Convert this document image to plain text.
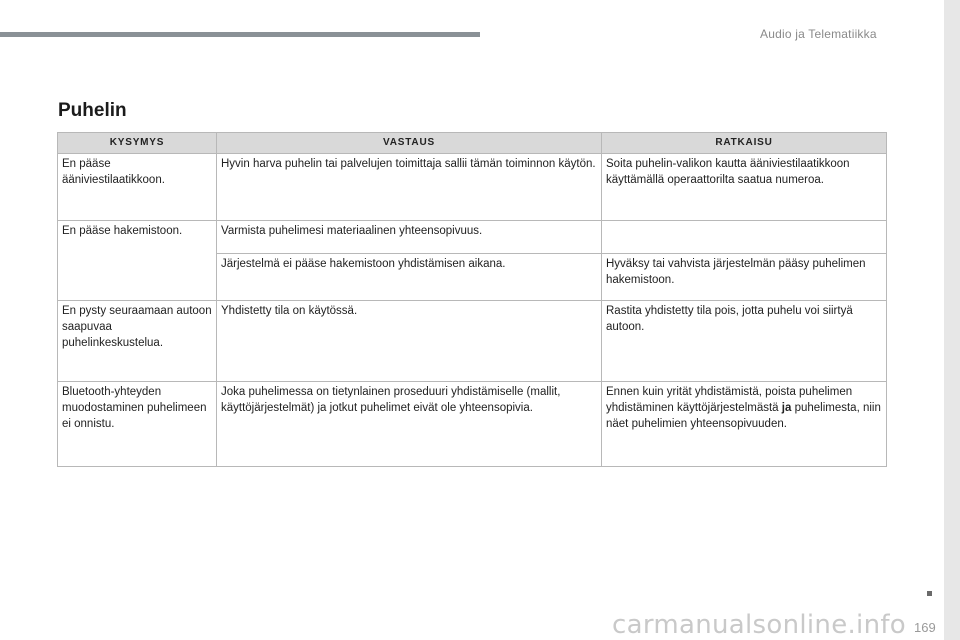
Audio ja Telematiikka
Puhelin
KYSYMYS	VASTAUS	RATKAISU
En pääse ääniviestilaatikkoon.	Hyvin harva puhelin tai palvelujen toimittaja sallii tämän toiminnon käytön.	Soita puhelin-valikon kautta ääniviestilaatikkoon käyttämällä operaattorilta saatua numeroa.
En pääse hakemistoon.	Varmista puhelimesi materiaalinen yhteensopivuus.	
	Järjestelmä ei pääse hakemistoon yhdistämisen aikana.	Hyväksy tai vahvista järjestelmän pääsy puhelimen hakemistoon.
En pysty seuraamaan autoon saapuvaa puhelinkeskustelua.	Yhdistetty tila on käytössä.	Rastita yhdistetty tila pois, jotta puhelu voi siirtyä autoon.
Bluetooth-yhteyden muodostaminen puhelimeen ei onnistu.	Joka puhelimessa on tietynlainen proseduuri yhdistämiselle (mallit, käyttöjärjestelmät) ja jotkut puhelimet eivät ole yhteensopivia.	Ennen kuin yrität yhdistämistä, poista puhelimen yhdistäminen käyttöjärjestelmästä ja puhelimesta, niin näet puhelimien yhteensopivuuden.
carmanualsonline.info 169
